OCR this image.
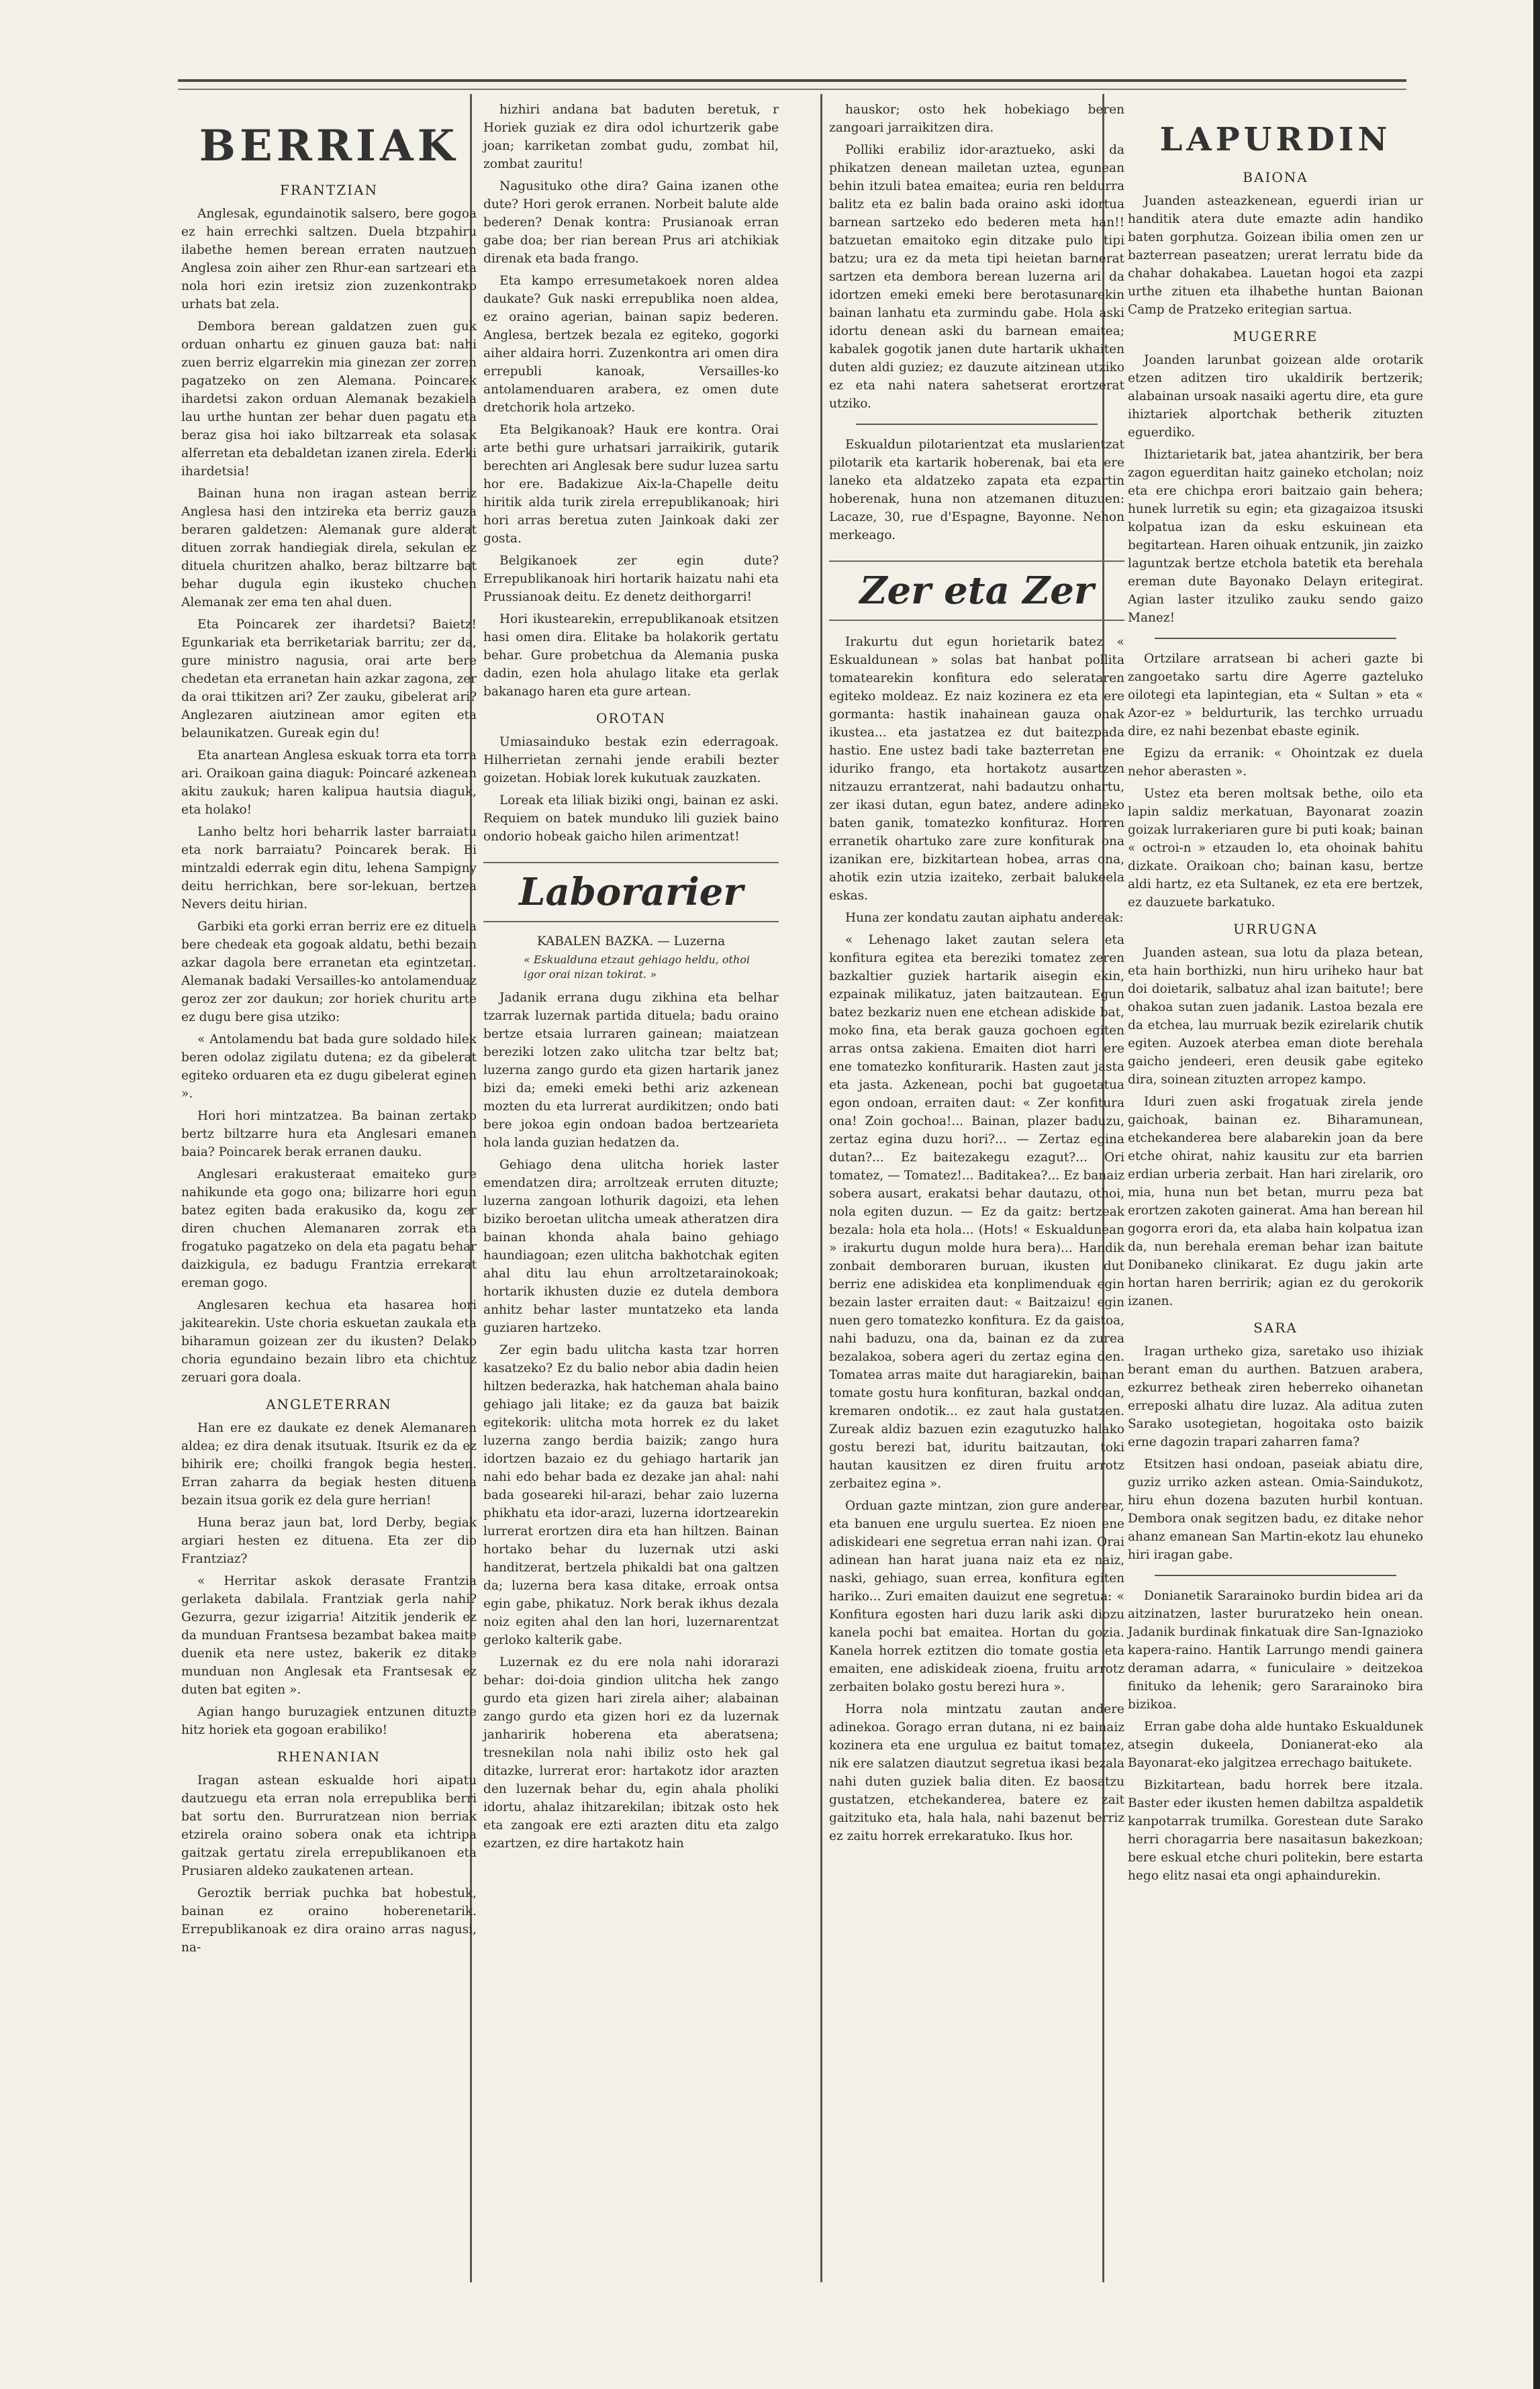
BERRIAK
FRANTZIAN

Anglesak, egundainotik salsero, bere gogoa ez hain errechki saltzen. Duela btzpahiru ilabethe hemen berean erraten nautzuen Anglesa zoin aiher zen Rhur-ean sartzeari eta nola hori ezin iretsiz zion zuzenkontrako urhats bat zela.

Dembora berean galdatzen zuen guk orduan onhartu ez ginuen gauza bat: nahi zuen berriz elgarrekin mia ginezan zer zorren pagatzeko on zen Alemana. Poincarek ihardetsi zakon orduan Alemanak bezakiela lau urthe huntan zer behar duen pagatu eta beraz gisa hoi iako biltzarreak eta solasak alferretan eta debaldetan izanen zirela. Ederki ihardetsia!

Bainan huna non iragan astean berriz Anglesa hasi den intzireka eta berriz gauza beraren galdetzen: Alemanak gure alderat dituen zorrak handiegiak direla, sekulan ez dituela churitzen ahalko, beraz biltzarre bat behar dugula egin ikusteko chuchen Alemanak zer ema ten ahal duen.

Eta Poincarek zer ihardetsi? Baietz! Egunkariak eta berriketariak barritu; zer da, gure ministro nagusia, orai arte bere chedetan eta erranetan hain azkar zagona, zer da orai ttikitzen ari? Zer zauku, gibelerat ari? Anglezaren aiutzinean amor egiten eta belaunikatzen. Gureak egin du!

Eta anartean Anglesa eskuak torra eta torra ari. Oraikoan gaina diaguk: Poincaré azkenean akitu zaukuk; haren kalipua hautsia diaguk, eta holako!

Lanho beltz hori beharrik laster barraiatu eta nork barraiatu? Poincarek berak. Bi mintzaldi ederrak egin ditu, lehena Sampigny deitu herrichkan, bere sor-lekuan, bertzea Nevers deitu hirian.

Garbiki eta gorki erran berriz ere ez dituela bere chedeak eta gogoak aldatu, bethi bezain azkar dagola bere erranetan eta egintzetan. Alemanak badaki Versailles-ko antolamenduaz geroz zer zor daukun; zor horiek churitu arte ez dugu bere gisa utziko:

« Antolamendu bat bada gure soldado hilek beren odolaz zigilatu dutena; ez da gibelerat egiteko orduaren eta ez dugu gibelerat eginen ».

Hori hori mintzatzea. Ba bainan zertako bertz biltzarre hura eta Anglesari emanen baia? Poincarek berak erranen dauku.

Anglesari erakusteraat emaiteko gure nahikunde eta gogo ona; bilizarre hori egun batez egiten bada erakusiko da, kogu zer diren chuchen Alemanaren zorrak eta frogatuko pagatzeko on dela eta pagatu behar daizkigula, ez badugu Frantzia errekarat ereman gogo.

Anglesaren kechua eta hasarea hori jakitearekin. Uste choria eskuetan zaukala eta biharamun goizean zer du ikusten? Delako choria egundaino bezain libro eta chichtuz zeruari gora doala.

ANGLETERRAN

Han ere ez daukate ez denek Alemanaren aldea; ez dira denak itsutuak. Itsurik ez da ez bihirik ere; choilki frangok begia hesten. Erran zaharra da begiak hesten dituena bezain itsua gorik ez dela gure herrian!

Huna beraz jaun bat, lord Derby, begiak argiari hesten ez dituena. Eta zer dio Frantziaz?

« Herritar askok derasate Frantzia gerlaketa dabilala. Frantziak gerla nahi? Gezurra, gezur izigarria! Aitzitik jenderik ez da munduan Frantsesa bezambat bakea maite duenik eta nere ustez, bakerik ez ditake munduan non Anglesak eta Frantsesak ez duten bat egiten ».

Agian hango buruzagiek entzunen dituzte hitz horiek eta gogoan erabiliko!

RHENANIAN

Iragan astean eskualde hori aipatu dautzuegu eta erran nola errepublika berri bat sortu den. Burruratzean nion berriak etzirela oraino sobera onak eta ichtripa gaitzak gertatu zirela errepublikanoen eta Prusiaren aldeko zaukatenen artean.

Geroztik berriak puchka bat hobestuk, bainan ez oraino hoberenetarik. Errepublikanoak ez dira oraino arras nagusi, na-

hizhiri andana bat baduten beretuk, r Horiek guziak ez dira odol ichurtzerik gabe joan; karriketan zombat gudu, zombat hil, zombat zauritu!

Nagusituko othe dira? Gaina izanen othe dute? Hori gerok erranen. Norbeit balute alde bederen? Denak kontra: Prusianoak erran gabe doa; ber rian berean Prus ari atchikiak direnak eta bada frango.

Eta kampo erresumetakoek noren aldea daukate? Guk naski errepublika noen aldea, ez oraino agerian, bainan sapiz bederen. Anglesa, bertzek bezala ez egiteko, gogorki aiher aldaira horri. Zuzenkontra ari omen dira errepubli kanoak, Versailles-ko antolamenduaren arabera, ez omen dute dretchorik hola artzeko.

Eta Belgikanoak? Hauk ere kontra. Orai arte bethi gure urhatsari jarraikirik, gutarik berechten ari Anglesak bere sudur luzea sartu hor ere. Badakizue Aix-la-Chapelle deitu hiritik alda turik zirela errepublikanoak; hiri hori arras beretua zuten Jainkoak daki zer gosta.

Belgikanoek zer egin dute? Errepublikanoak hiri hortarik haizatu nahi eta Prussianoak deitu. Ez denetz deithorgarri!

Hori ikustearekin, errepublikanoak etsitzen hasi omen dira. Elitake ba holakorik gertatu behar. Gure probetchua da Alemania puska dadin, ezen hola ahulago litake eta gerlak bakanago haren eta gure artean.

OROTAN

Umiasainduko bestak ezin ederragoak. Hilherrietan zernahi jende erabili bezter goizetan. Hobiak lorek kukutuak zauzkaten.

Loreak eta liliak biziki ongi, bainan ez aski. Requiem on batek munduko lili guziek baino ondorio hobeak gaicho hilen arimentzat!

Laborarier
KABALEN BAZKA. — Luzerna
« Eskualduna etzaut gehiago heldu, othoi igor orai nizan tokirat. »

Jadanik errana dugu zikhina eta belhar tzarrak luzernak partida dituela; badu oraino bertze etsaia lurraren gainean; maiatzean bereziki lotzen zako ulitcha tzar beltz bat; luzerna zango gurdo eta gizen hartarik janez bizi da; emeki emeki bethi ariz azkenean mozten du eta lurrerat aurdikitzen; ondo bati bere jokoa egin ondoan badoa bertzearieta hola landa guzian hedatzen da.

Gehiago dena ulitcha horiek laster emendatzen dira; arroltzeak erruten dituzte; luzerna zangoan lothurik dagoizi, eta lehen biziko beroetan ulitcha umeak atheratzen dira bainan khonda ahala baino gehiago haundiagoan; ezen ulitcha bakhotchak egiten ahal ditu lau ehun arroltzetarainokoak; hortarik ikhusten duzie ez dutela dembora anhitz behar laster muntatzeko eta landa guziaren hartzeko.

Zer egin badu ulitcha kasta tzar horren kasatzeko? Ez du balio nebor abia dadin heien hiltzen bederazka, hak hatcheman ahala baino gehiago jali litake; ez da gauza bat baizik egitekorik: ulitcha mota horrek ez du laket luzerna zango berdia baizik; zango hura idortzen bazaio ez du gehiago hartarik jan nahi edo behar bada ez dezake jan ahal: nahi bada goseareki hil-arazi, behar zaio luzerna phikhatu eta idor-arazi, luzerna idortzearekin lurrerat erortzen dira eta han hiltzen. Bainan hortako behar du luzernak utzi aski handitzerat, bertzela phikaldi bat ona galtzen da; luzerna bera kasa ditake, erroak ontsa egin gabe, phikatuz. Nork berak ikhus dezala noiz egiten ahal den lan hori, luzernarentzat gerloko kalterik gabe.

Luzernak ez du ere nola nahi idorarazi behar: doi-doia gindion ulitcha hek zango gurdo eta gizen hari zirela aiher; alabainan zango gurdo eta gizen hori ez da luzernak janharirik hoberena eta aberatsena; tresnekilan nola nahi ibiliz osto hek gal ditazke, lurrerat eror: hartakotz idor arazten den luzernak behar du, egin ahala pholiki idortu, ahalaz ihitzarekilan; ibitzak osto hek eta zangoak ere ezti arazten ditu eta zalgo ezartzen, ez dire hartakotz hain

hauskor; osto hek hobekiago beren zangoari jarraikitzen dira.

Polliki erabiliz idor-araztueko, aski da phikatzen denean mailetan uztea, egunean behin itzuli batea emaitea; euria ren beldurra balitz eta ez balin bada oraino aski idortua barnean sartzeko edo bederen meta han!! batzuetan emaitoko egin ditzake pulo tipi batzu; ura ez da meta tipi heietan barnerat sartzen eta dembora berean luzerna ari da idortzen emeki emeki bere berotasunarekin bainan lanhatu eta zurmindu gabe. Hola aski idortu denean aski du barnean emaitea; kabalek gogotik janen dute hartarik ukhaiten duten aldi guziez; ez dauzute aitzinean utziko ez eta nahi natera sahetserat erortzerat utziko.

Eskualdun pilotarientzat eta muslarientzat pilotarik eta kartarik hoberenak, bai eta ere laneko eta aldatzeko zapata eta ezpartin hoberenak, huna non atzemanen dituzuen: Lacaze, 30, rue d'Espagne, Bayonne. Nehon merkeago.

Zer eta Zer

Irakurtu dut egun horietarik batez « Eskualdunean » solas bat hanbat pollita tomatearekin konfitura edo selerataren egiteko moldeaz. Ez naiz kozinera ez eta ere gormanta: hastik inahainean gauza onak ikustea... eta jastatzea ez dut baitezpada hastio. Ene ustez badi take bazterretan ene iduriko frango, eta hortakotz ausartzen nitzauzu errantzerat, nahi badautzu onhartu, zer ikasi dutan, egun batez, andere adineko baten ganik, tomatezko konfituraz. Horren erranetik ohartuko zare zure konfiturak ona izanikan ere, bizkitartean hobea, arras ona, ahotik ezin utzia izaiteko, zerbait balukeela eskas.

Huna zer kondatu zautan aiphatu andereak:

« Lehenago laket zautan selera eta konfitura egitea eta bereziki tomatez zeren bazkaltier guziek hartarik aisegin ekin, ezpainak milikatuz, jaten baitzautean. Egun batez bezkariz nuen ene etchean adiskide bat, moko fina, eta berak gauza gochoen egiten arras ontsa zakiena. Emaiten diot harri ere ene tomatezko konfiturarik. Hasten zaut jasta eta jasta. Azkenean, pochi bat gugoetatua egon ondoan, erraiten daut: « Zer konfitura ona! Zoin gochoa!... Bainan, plazer baduzu, zertaz egina duzu hori?... — Zertaz egina dutan?... Ez baitezakegu ezagut?... Ori tomatez, — Tomatez!... Baditakea?... Ez banaiz sobera ausart, erakatsi behar dautazu, othoi, nola egiten duzun. — Ez da gaitz: bertzeak bezala: hola eta hola... (Hots! « Eskualdunean » irakurtu dugun molde hura bera)... Handik zonbait demboraren buruan, ikusten dut berriz ene adiskidea eta konplimenduak egin bezain laster erraiten daut: « Baitzaizu! egin nuen gero tomatezko konfitura. Ez da gaistoa, nahi baduzu, ona da, bainan ez da zurea bezalakoa, sobera ageri du zertaz egina den. Tomatea arras maite dut haragiarekin, bainan tomate gostu hura konfituran, bazkal ondoan, kremaren ondotik... ez zaut hala gustatzen. Zureak aldiz bazuen ezin ezagutuzko halako gostu berezi bat, iduritu baitzautan, toki hautan kausitzen ez diren fruitu arrotz zerbaitez egina ».

Orduan gazte mintzan, zion gure anderear, eta banuen ene urgulu suertea. Ez nioen ene adiskideari ene segretua erran nahi izan. Orai adinean han harat juana naiz eta ez naiz, naski, gehiago, suan errea, konfitura egiten hariko... Zuri emaiten dauizut ene segretua: « Konfitura egosten hari duzu larik aski diozu kanela pochi bat emaitea. Hortan du gozia. Kanela horrek eztitzen dio tomate gostia eta emaiten, ene adiskideak zioena, fruitu arrotz zerbaiten bolako gostu berezi hura ».

Horra nola mintzatu zautan andere adinekoa. Gorago erran dutana, ni ez bainaiz kozinera eta ene urgulua ez baitut tomatez, nik ere salatzen diautzut segretua ikasi bezala nahi duten guziek balia diten. Ez baosatzu gustatzen, etchekandereа, batere ez zait gaitzituko eta, hala hala, nahi bazenut berriz ez zaitu horrek errekaratuko. Ikus hor.

LAPURDIN
BAIONA

Juanden asteazkenean, eguerdi irian ur handitik atera dute emazte adin handiko baten gorphutza. Goizean ibilia omen zen ur bazterrean paseatzen; urerat lerratu bide da chahar dohakabea. Lauetan hogoi eta zazpi urthe zituen eta ilhabethe huntan Baionan Camp de Pratzeko eritegian sartua.

MUGERRE

Joanden larunbat goizean alde orotarik etzen aditzen tiro ukaldirik bertzerik; alabainan ursoak nasaiki agertu dire, eta gure ihiztariek alportchak betherik zituzten eguerdiko.

Ihiztarietarik bat, jatea ahantzirik, ber bera zagon eguerditan haitz gaineko etcholan; noiz eta ere chichpa erori baitzaio gain behera; hunek lurretik su egin; eta gizagaizoa itsuski kolpatua izan da esku eskuinean eta begitartean. Haren oihuak entzunik, jin zaizko laguntzak bertze etchola batetik eta berehala ereman dute Bayonako Delayn eritegirat. Agian laster itzuliko zauku sendo gaizo Manez!

Ortzilare arratsean bi acheri gazte bi zangoetako sartu dire Agerre gazteluko oilotegi eta lapintegian, eta « Sultan » eta « Azor-ez » beldurturik, las terchko urruadu dire, ez nahi bezenbat ebaste eginik.

Egizu da erranik: « Ohointzak ez duela nehor aberasten ».

Ustez eta beren moltsak bethe, oilo eta lapin saldiz merkatuan, Bayonarat zoazin goizak lurrakeriaren gure bi puti koak; bainan « octroi-n » etzauden lo, eta ohoinak bahitu dizkate. Oraikoan cho; bainan kasu, bertze aldi hartz, ez eta Sultanek, ez eta ere bertzek, ez dauzuete barkatuko.

URRUGNA

Juanden astean, sua lotu da plaza betean, eta hain borthizki, nun hiru uriheko haur bat doi doietarik, salbatuz ahal izan baitute!; bere ohakoa sutan zuen jadanik. Lastoa bezala ere da etchea, lau murruak bezik ezirelarik chutik egiten. Auzoek aterbea eman diote berehala gaicho jendeeri, eren deusik gabe egiteko dira, soinean zituzten arropez kampo.

Iduri zuen aski frogatuak zirela jende gaichoak, bainan ez. Biharamunean, etchekanderea bere alabarekin joan da bere etche ohirat, nahiz kausitu zur eta barrien erdian urberia zerbait. Han hari zirelarik, oro mia, huna nun bet betan, murru peza bat erortzen zakoten gainerat. Ama han berean hil gogorra erori da, eta alaba hain kolpatua izan da, nun berehala ereman behar izan baitute Donibaneko clinikarat. Ez dugu jakin arte hortan haren berririk; agian ez du gerokorik izanen.

SARA

Iragan urtheko giza, saretako uso ihiziak berant eman du aurthen. Batzuen arabera, ezkurrez betheak ziren heberreko oihanetan erreposki alhatu dire luzaz. Ala aditua zuten Sarako usotegietan, hogoitaka osto baizik erne dagozin trapari zaharren fama?

Etsitzen hasi ondoan, paseiak abiatu dire, guziz urriko azken astean. Omia-Saindukotz, hiru ehun dozena bazuten hurbil kontuan. Dembora onak segitzen badu, ez ditake nehor ahanz emanean San Martin-ekotz lau ehuneko hiri iragan gabe.

Donianetik Sararainoko burdin bidea ari da aitzinatzen, laster bururatzeko hein onean. Jadanik burdinak finkatuak dire San-Ignazioko kapera-raino. Hantik Larrungo mendi gainera deraman adarra, « funiculaire » deitzekoa finituko da lehenik; gero Sararainoko bira bizikoa.

Erran gabe doha alde huntako Eskualdunek atsegin dukeela, Donianerat-eko ala Bayonarat-eko jalgitzea errechago baitukete.

Bizkitartean, badu horrek bere itzala. Baster eder ikusten hemen dabiltza aspaldetik kanpotarrak trumilka. Gorestean dute Sarako herri choragarria bere nasaitasun bakezkoan; bere eskual etche churi politekin, bere estarta hego elitz nasai eta ongi aphaindurekin.
